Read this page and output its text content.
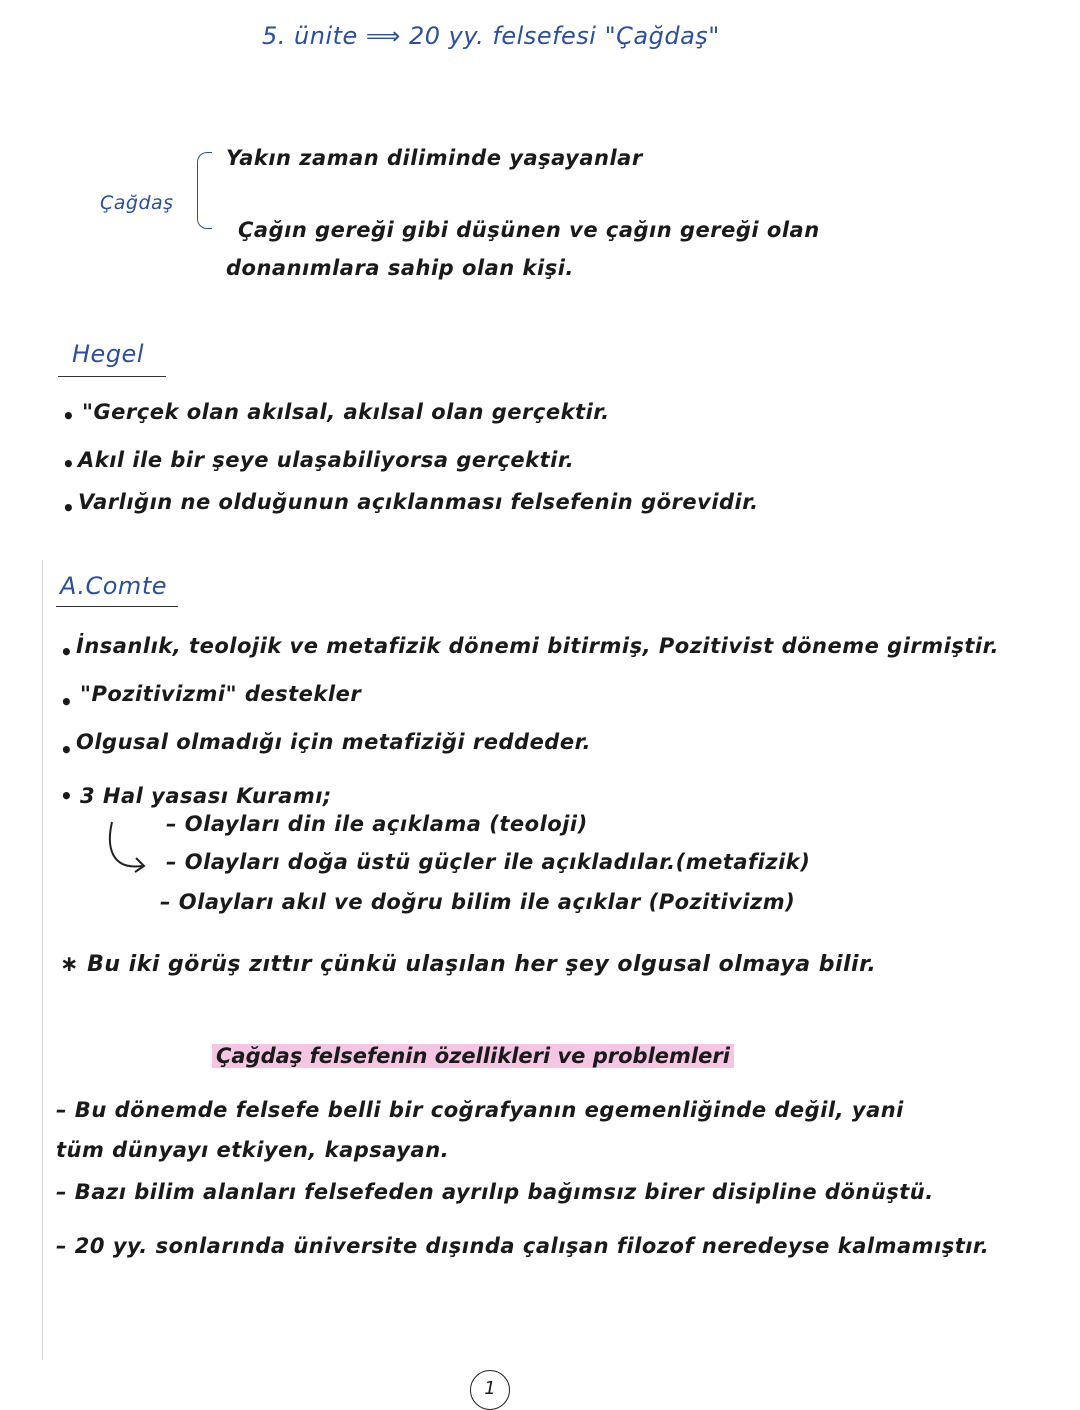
5. ünite ⟹ 20 yy. felsefesi "Çağdaş"
Çağdaş
Yakın zaman diliminde yaşayanlar
Çağın gereği gibi düşünen ve çağın gereği olan
donanımlara sahip olan kişi.
Hegel
• "Gerçek olan akılsal, akılsal olan gerçektir.
• Akıl ile bir şeye ulaşabiliyorsa gerçektir.
• Varlığın ne olduğunun açıklanması felsefenin görevidir.
A.Comte
• İnsanlık, teolojik ve metafizik dönemi bitirmiş, Pozitivist döneme girmiştir.
• "Pozitivizmi" destekler
• Olgusal olmadığı için metafiziği reddeder.
• 3 Hal yasası Kuramı;
– Olayları din ile açıklama (teoloji)
– Olayları doğa üstü güçler ile açıkladılar.(metafizik)
– Olayları akıl ve doğru bilim ile açıklar (Pozitivizm)
∗ Bu iki görüş zıttır çünkü ulaşılan her şey olgusal olmaya bilir.
Çağdaş felsefenin özellikleri ve problemleri
– Bu dönemde felsefe belli bir coğrafyanın egemenliğinde değil, yani
tüm dünyayı etkiyen, kapsayan.
– Bazı bilim alanları felsefeden ayrılıp bağımsız birer disipline dönüştü.
– 20 yy. sonlarında üniversite dışında çalışan filozof neredeyse kalmamıştır.
1
